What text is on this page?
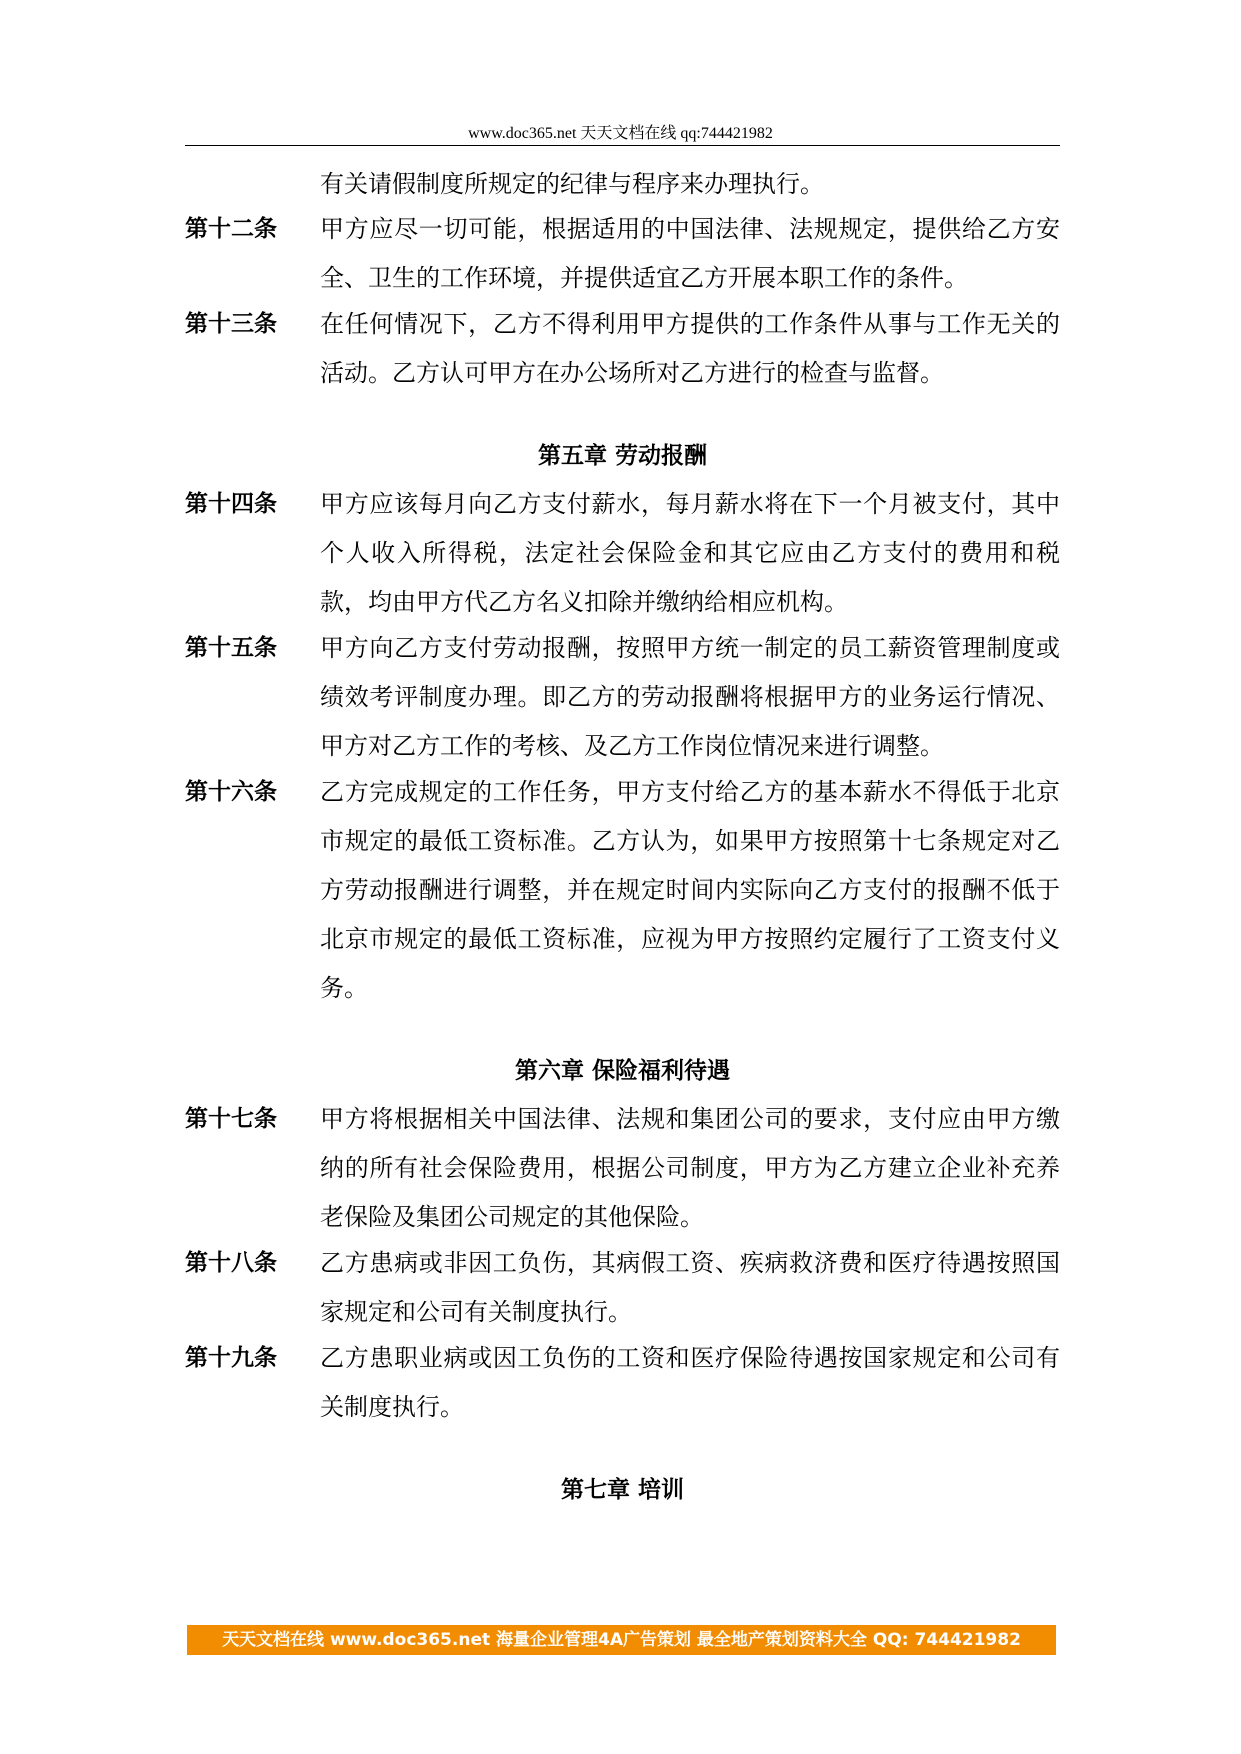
www.doc365.net 天天文档在线 qq:744421982
有关请假制度所规定的纪律与程序来办理执行。
第十二条	甲方应尽一切可能，根据适用的中国法律、法规规定，提供给乙方安全、卫生的工作环境，并提供适宜乙方开展本职工作的条件。
第十三条	在任何情况下，乙方不得利用甲方提供的工作条件从事与工作无关的活动。乙方认可甲方在办公场所对乙方进行的检查与监督。
第五章 劳动报酬
第十四条	甲方应该每月向乙方支付薪水，每月薪水将在下一个月被支付，其中个人收入所得税，法定社会保险金和其它应由乙方支付的费用和税款，均由甲方代乙方名义扣除并缴纳给相应机构。
第十五条	甲方向乙方支付劳动报酬，按照甲方统一制定的员工薪资管理制度或绩效考评制度办理。即乙方的劳动报酬将根据甲方的业务运行情况、甲方对乙方工作的考核、及乙方工作岗位情况来进行调整。
第十六条	乙方完成规定的工作任务，甲方支付给乙方的基本薪水不得低于北京市规定的最低工资标准。乙方认为，如果甲方按照第十七条规定对乙方劳动报酬进行调整，并在规定时间内实际向乙方支付的报酬不低于北京市规定的最低工资标准，应视为甲方按照约定履行了工资支付义务。
第六章 保险福利待遇
第十七条	甲方将根据相关中国法律、法规和集团公司的要求，支付应由甲方缴纳的所有社会保险费用，根据公司制度，甲方为乙方建立企业补充养老保险及集团公司规定的其他保险。
第十八条	乙方患病或非因工负伤，其病假工资、疾病救济费和医疗待遇按照国家规定和公司有关制度执行。
第十九条	乙方患职业病或因工负伤的工资和医疗保险待遇按国家规定和公司有关制度执行。
第七章 培训
天天文档在线 www.doc365.net 海量企业管理4A广告策划 最全地产策划资料大全 QQ: 744421982
